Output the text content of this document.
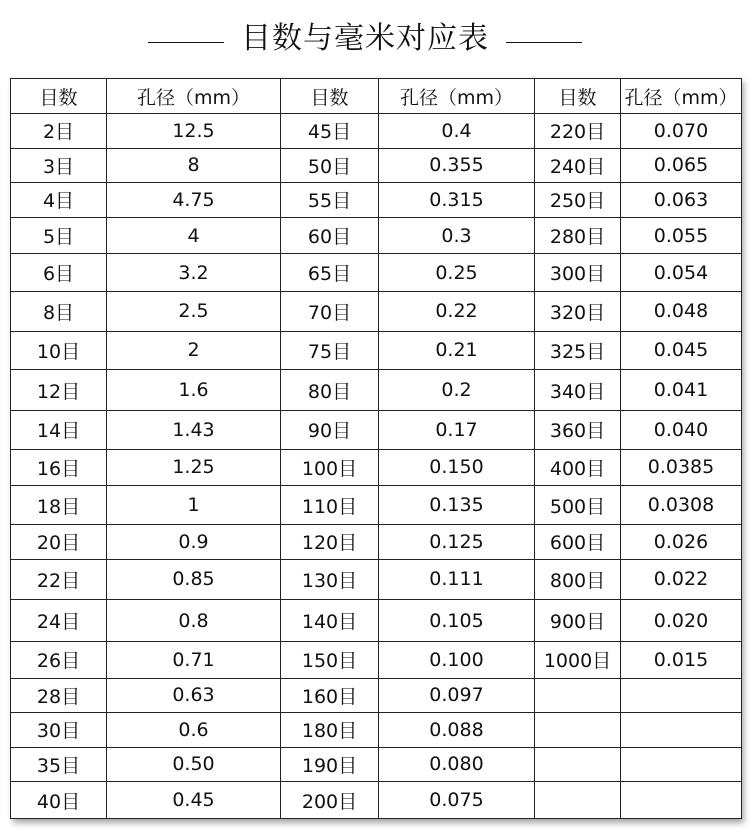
目数与毫米对应表
目数	孔径（mm）	目数	孔径（mm）	目数	孔径（mm）
2目	12.5	45目	0.4	220目	0.070
3目	8	50目	0.355	240目	0.065
4目	4.75	55目	0.315	250目	0.063
5目	4	60目	0.3	280目	0.055
6目	3.2	65目	0.25	300目	0.054
8目	2.5	70目	0.22	320目	0.048
10目	2	75目	0.21	325目	0.045
12目	1.6	80目	0.2	340目	0.041
14目	1.43	90目	0.17	360目	0.040
16目	1.25	100目	0.150	400目	0.0385
18目	1	110目	0.135	500目	0.0308
20目	0.9	120目	0.125	600目	0.026
22目	0.85	130目	0.111	800目	0.022
24目	0.8	140目	0.105	900目	0.020
26目	0.71	150目	0.100	1000目	0.015
28目	0.63	160目	0.097		
30目	0.6	180目	0.088		
35目	0.50	190目	0.080		
40目	0.45	200目	0.075		
